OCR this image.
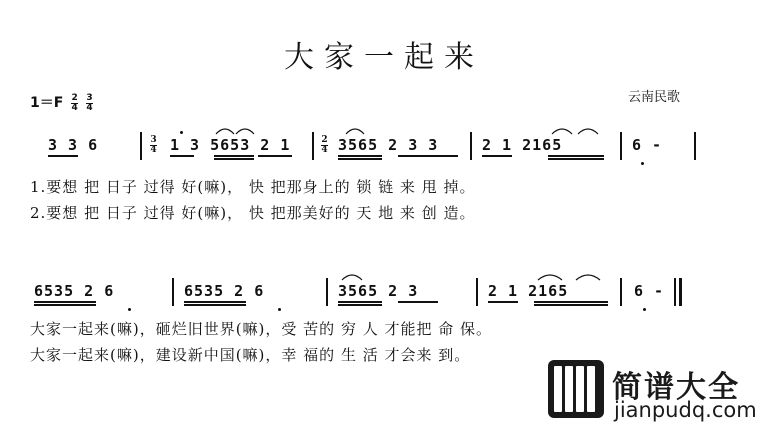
大家一起来
云南民歌
$1=F \frac{2}{4}$
$\frac{3}{4}$
3 3 6	3
4 1 3 5653 2 1	2
4 3565 2 3 3	2 1 2165	6 -
1.要想 把 日子 过得 好(嘛)， 快 把那身上的 锁 链 来 甩 掉。
2.要想 把 日子 过得 好(嘛)， 快 把那美好的 天 地 来 创 造。
6535 2 6	6535 2 6	3565 2 3	2 1 2165	6 -
大家一起来(嘛)，砸烂旧世界(嘛)，受 苦的 穷 人 才能把 命 保。
大家一起来(嘛)，建设新中国(嘛)，幸 福的 生 活 才会来 到。
简谱大全
jianpudq.com
